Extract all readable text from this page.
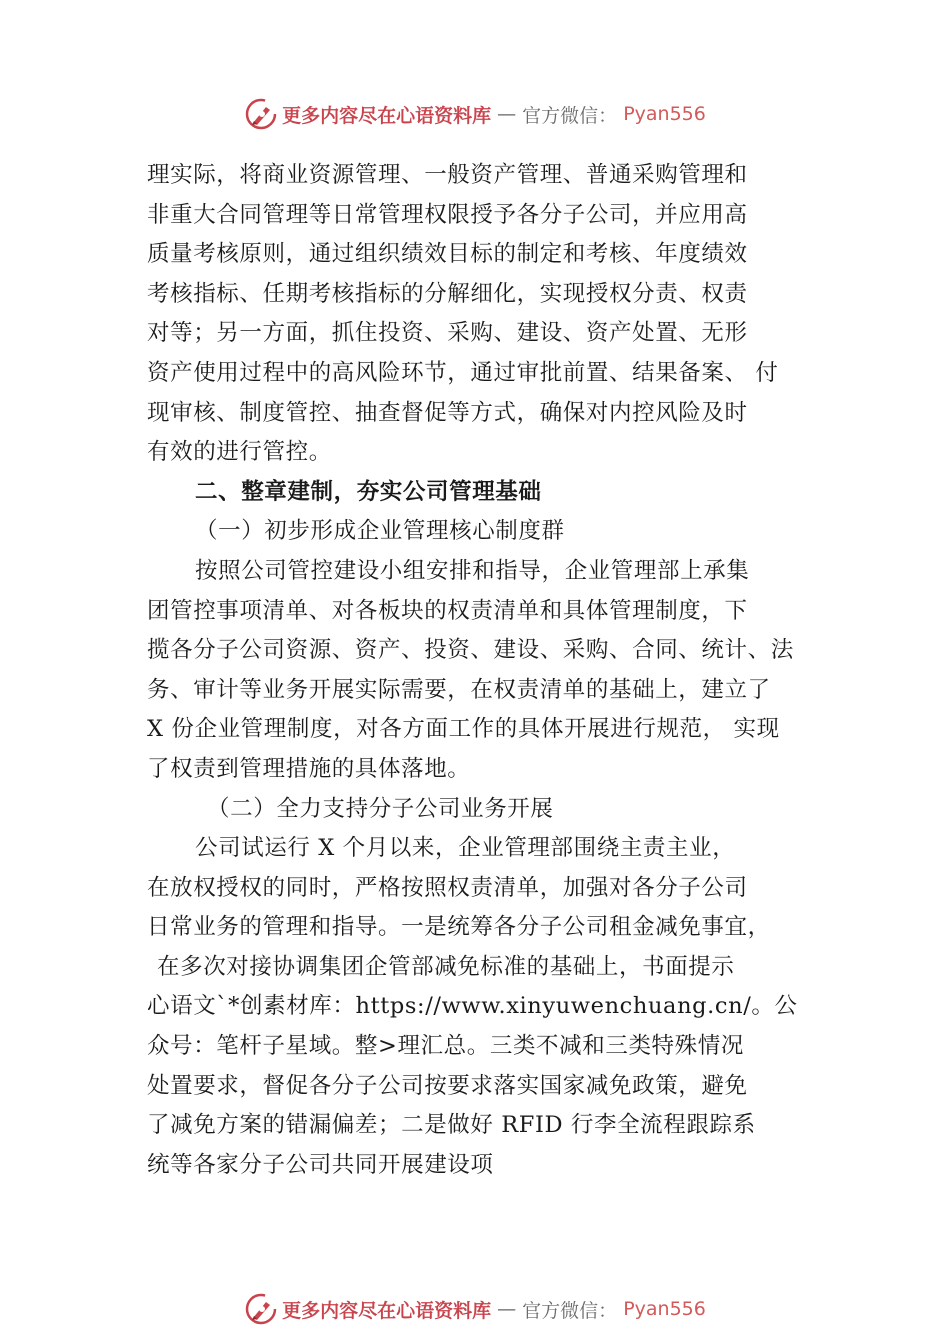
更多内容尽在心语资料库 — 官方微信： Pyan556
理实际，将商业资源管理、一般资产管理、普通采购管理和
非重大合同管理等日常管理权限授予各分子公司，并应用高
质量考核原则，通过组织绩效目标的制定和考核、年度绩效
考核指标、任期考核指标的分解细化，实现授权分责、权责
对等；另一方面，抓住投资、采购、建设、资产处置、无形
资产使用过程中的高风险环节，通过审批前置、结果备案、 付
现审核、制度管控、抽查督促等方式，确保对内控风险及时
有效的进行管控。
二、整章建制，夯实公司管理基础
（一）初步形成企业管理核心制度群
按照公司管控建设小组安排和指导，企业管理部上承集
团管控事项清单、对各板块的权责清单和具体管理制度，下
揽各分子公司资源、资产、投资、建设、采购、合同、统计、法
务、审计等业务开展实际需要，在权责清单的基础上，建立了
X 份企业管理制度，对各方面工作的具体开展进行规范， 实现
了权责到管理措施的具体落地。
（二）全力支持分子公司业务开展
公司试运行 X 个月以来，企业管理部围绕主责主业，
在放权授权的同时，严格按照权责清单，加强对各分子公司
日常业务的管理和指导。一是统筹各分子公司租金减免事宜，
在多次对接协调集团企管部减免标准的基础上，书面提示
心语文`*创素材库：https://www.xinyuwenchuang.cn/。公
众号：笔杆子星域。整>理汇总。三类不减和三类特殊情况
处置要求，督促各分子公司按要求落实国家减免政策，避免
了减免方案的错漏偏差；二是做好 RFID 行李全流程跟踪系
统等各家分子公司共同开展建设项
更多内容尽在心语资料库 — 官方微信： Pyan556
